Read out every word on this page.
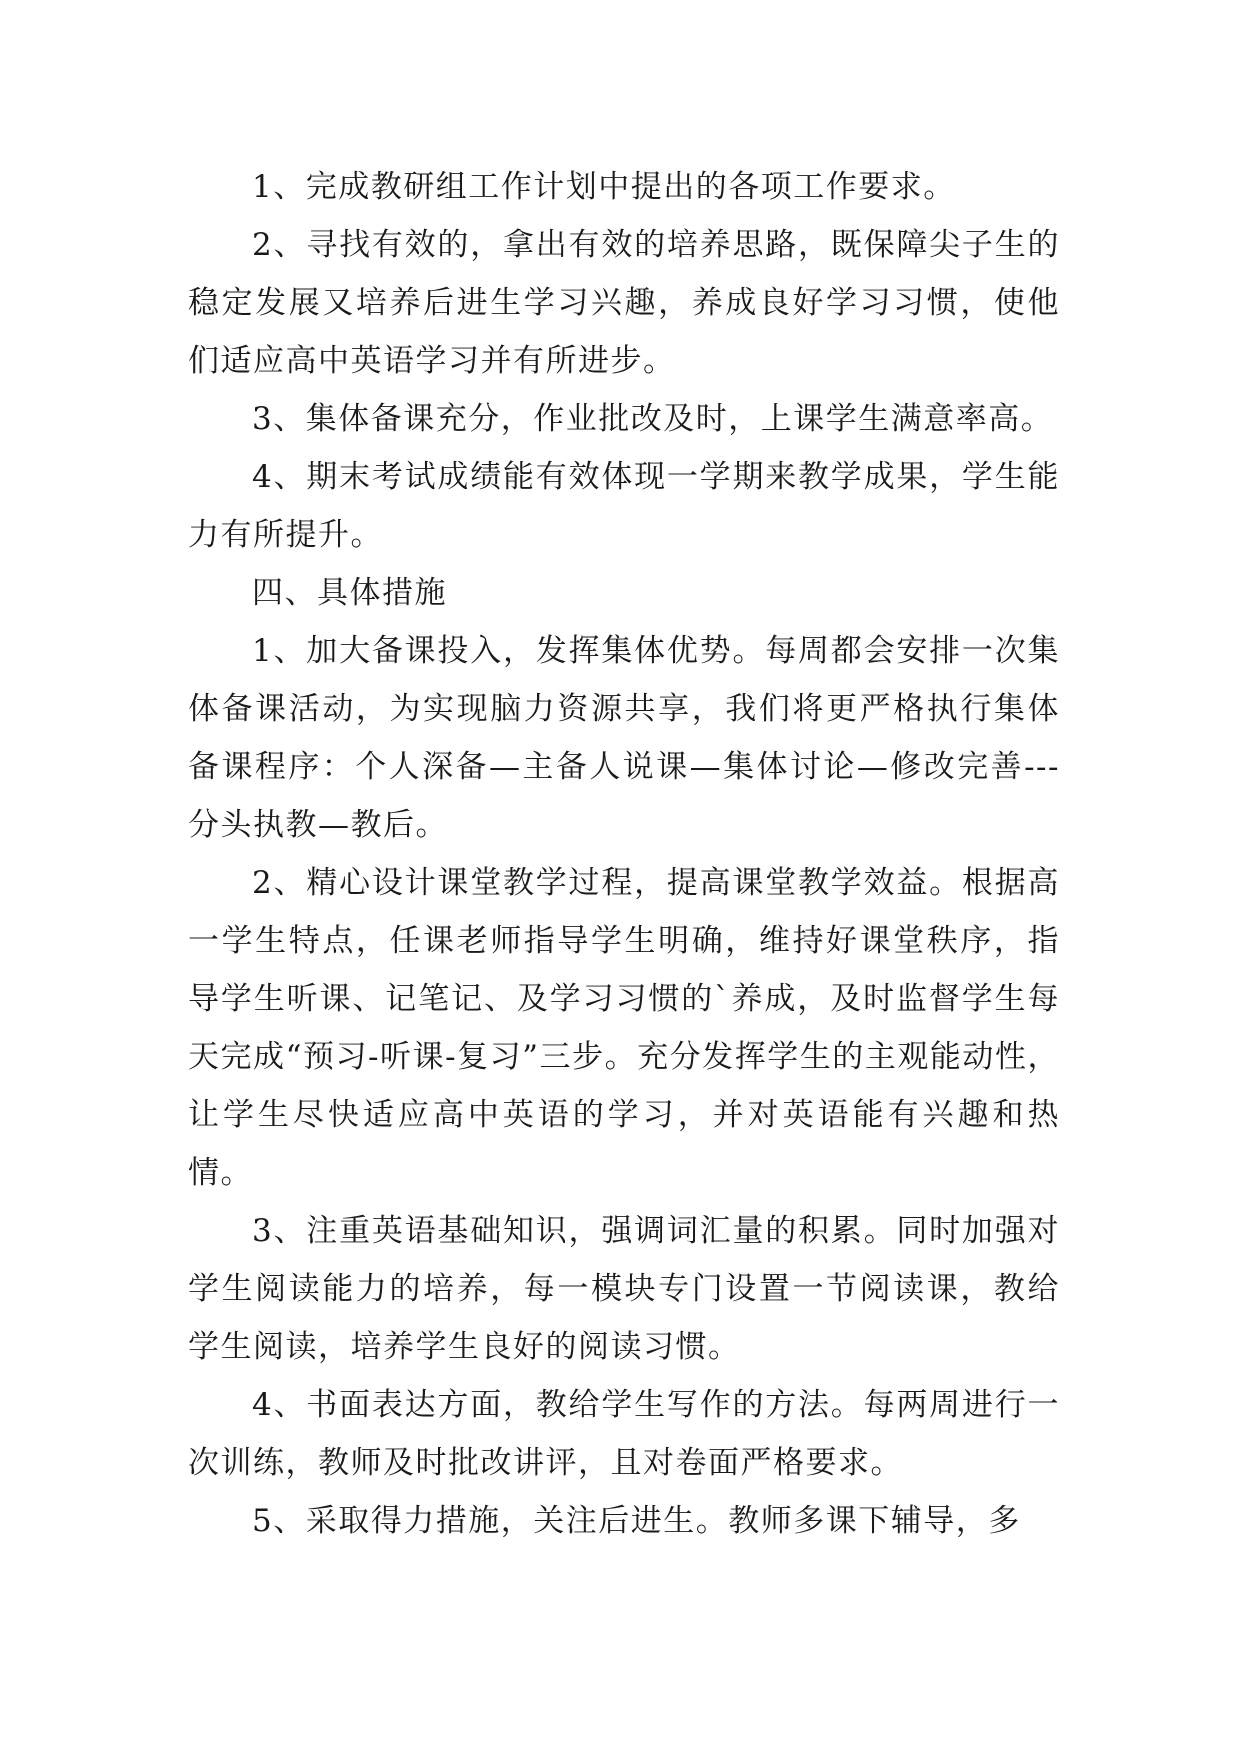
1、完成教研组工作计划中提出的各项工作要求。

2、寻找有效的，拿出有效的培养思路，既保障尖子生的稳定发展又培养后进生学习兴趣，养成良好学习习惯，使他们适应高中英语学习并有所进步。

3、集体备课充分，作业批改及时，上课学生满意率高。

4、期末考试成绩能有效体现一学期来教学成果，学生能力有所提升。

四、具体措施

1、加大备课投入，发挥集体优势。每周都会安排一次集体备课活动，为实现脑力资源共享，我们将更严格执行集体备课程序：个人深备—主备人说课—集体讨论—修改完善---分头执教—教后。

2、精心设计课堂教学过程，提高课堂教学效益。根据高一学生特点，任课老师指导学生明确，维持好课堂秩序，指导学生听课、记笔记、及学习习惯的`养成，及时监督学生每天完成“预习-听课-复习”三步。充分发挥学生的主观能动性，让学生尽快适应高中英语的学习，并对英语能有兴趣和热情。

3、注重英语基础知识，强调词汇量的积累。同时加强对学生阅读能力的培养，每一模块专门设置一节阅读课，教给学生阅读，培养学生良好的阅读习惯。

4、书面表达方面，教给学生写作的方法。每两周进行一次训练，教师及时批改讲评，且对卷面严格要求。

5、采取得力措施，关注后进生。教师多课下辅导，多
